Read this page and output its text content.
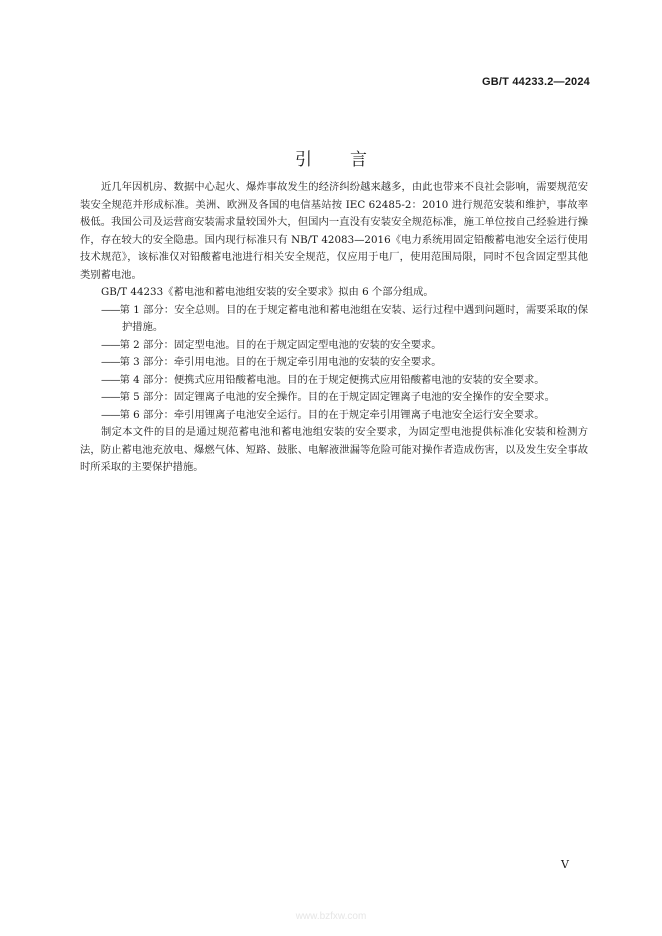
GB/T 44233.2—2024
引言

近几年因机房、数据中心起火、爆炸事故发生的经济纠纷越来越多，由此也带来不良社会影响，需要规范安装安全规范并形成标准。美洲、欧洲及各国的电信基站按 IEC 62485-2：2010 进行规范安装和维护，事故率极低。我国公司及运营商安装需求量较国外大，但国内一直没有安装安全规范标准，施工单位按自己经验进行操作，存在较大的安全隐患。国内现行标准只有 NB/T 42083—2016《电力系统用固定铅酸蓄电池安全运行使用技术规范》，该标准仅对铅酸蓄电池进行相关安全规范，仅应用于电厂，使用范围局限，同时不包含固定型其他类别蓄电池。

GB/T 44233《蓄电池和蓄电池组安装的安全要求》拟由 6 个部分组成。

——第 1 部分：安全总则。目的在于规定蓄电池和蓄电池组在安装、运行过程中遇到问题时，需要采取的保护措施。

——第 2 部分：固定型电池。目的在于规定固定型电池的安装的安全要求。

——第 3 部分：牵引用电池。目的在于规定牵引用电池的安装的安全要求。

——第 4 部分：便携式应用铅酸蓄电池。目的在于规定便携式应用铅酸蓄电池的安装的安全要求。

——第 5 部分：固定锂离子电池的安全操作。目的在于规定固定锂离子电池的安全操作的安全要求。

——第 6 部分：牵引用锂离子电池安全运行。目的在于规定牵引用锂离子电池安全运行安全要求。

制定本文件的目的是通过规范蓄电池和蓄电池组安装的安全要求，为固定型电池提供标准化安装和检测方法，防止蓄电池充放电、爆燃气体、短路、鼓胀、电解液泄漏等危险可能对操作者造成伤害，以及发生安全事故时所采取的主要保护措施。

V
www.bzfxw.com
